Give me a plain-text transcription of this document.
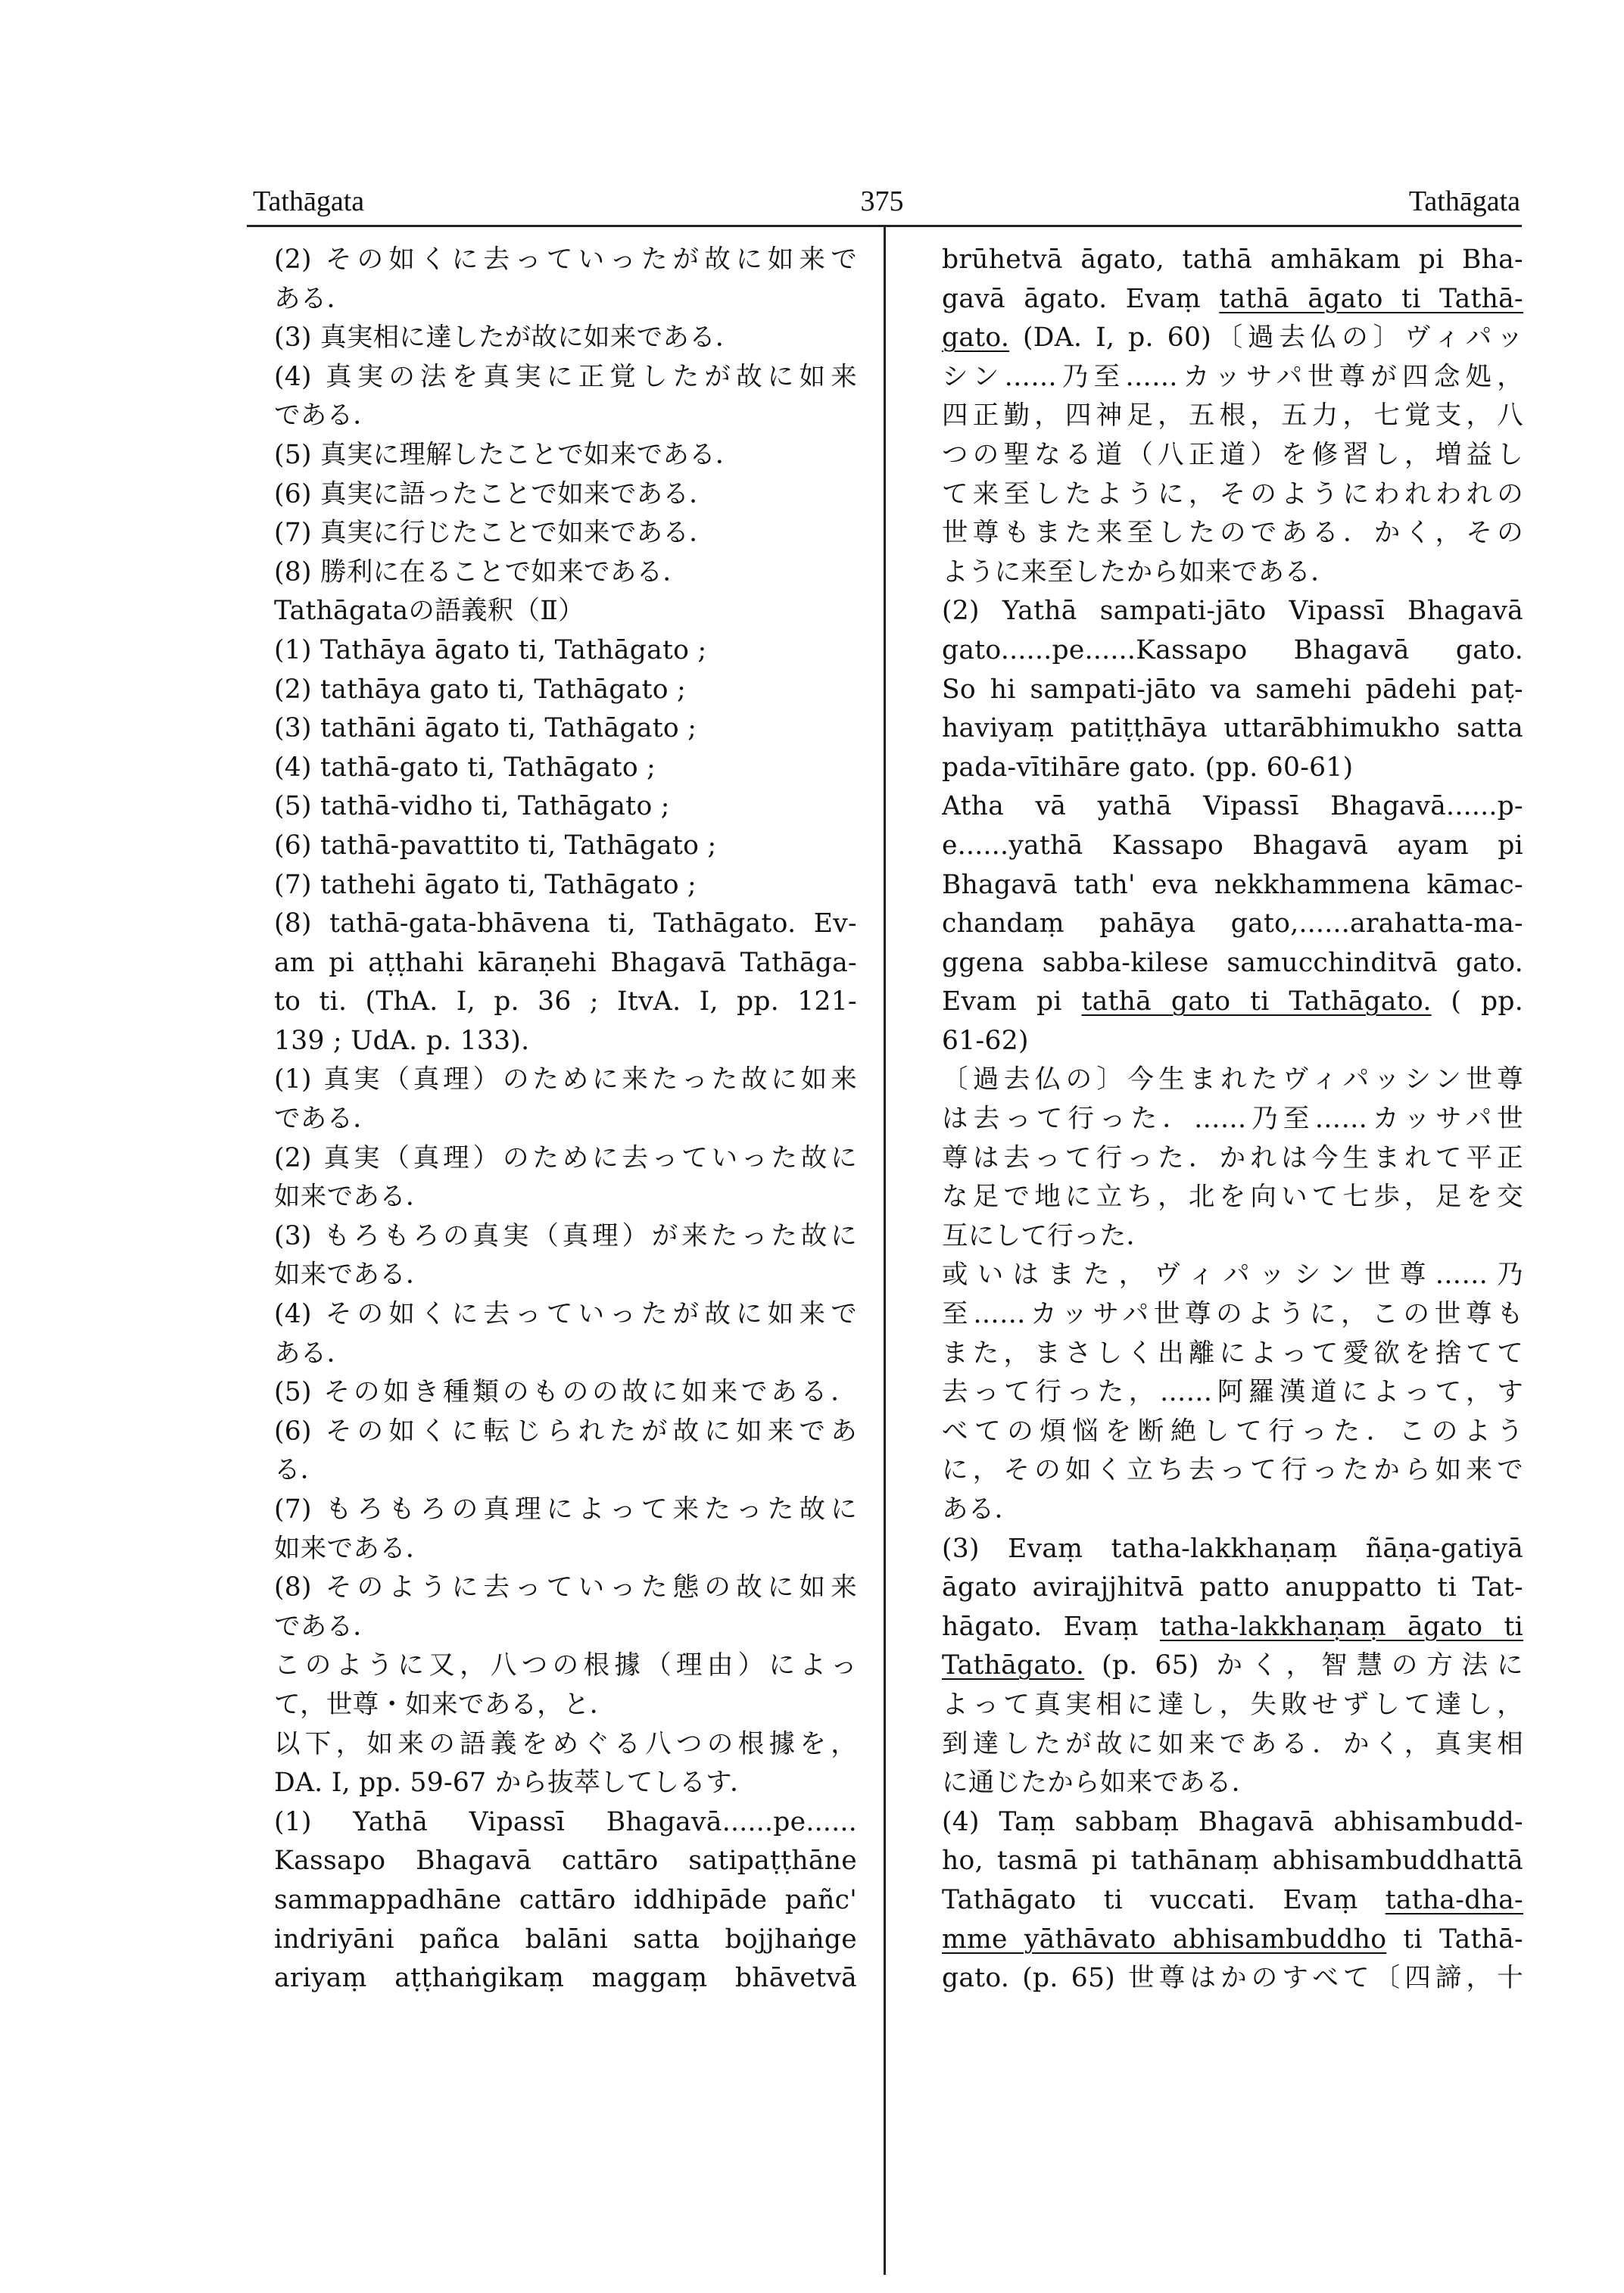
Tathāgata	375	Tathāgata
(2) その如くに去っていったが故に如来で
ある．
(3) 真実相に達したが故に如来である．
(4) 真実の法を真実に正覚したが故に如来
である．
(5) 真実に理解したことで如来である．
(6) 真実に語ったことで如来である．
(7) 真実に行じたことで如来である．
(8) 勝利に在ることで如来である．
Tathāgataの語義釈（Ⅱ）
(1) Tathāya āgato ti, Tathāgato ;
(2) tathāya gato ti, Tathāgato ;
(3) tathāni āgato ti, Tathāgato ;
(4) tathā-gato ti, Tathāgato ;
(5) tathā-vidho ti, Tathāgato ;
(6) tathā-pavattito ti, Tathāgato ;
(7) tathehi āgato ti, Tathāgato ;
(8) tathā-gata-bhāvena ti, Tathāgato. Ev-
am pi aṭṭhahi kāraṇehi Bhagavā Tathāga-
to ti. (ThA. I, p. 36 ; ItvA. I, pp. 121-
139 ; UdA. p. 133).
(1) 真実（真理）のために来たった故に如来
である．
(2) 真実（真理）のために去っていった故に
如来である．
(3) もろもろの真実（真理）が来たった故に
如来である．
(4) その如くに去っていったが故に如来で
ある．
(5) その如き種類のものの故に如来である．
(6) その如くに転じられたが故に如来であ
る．
(7) もろもろの真理によって来たった故に
如来である．
(8) そのように去っていった態の故に如来
である．
このように又，八つの根據（理由）によっ
て，世尊・如来である，と．
以下，如来の語義をめぐる八つの根據を，
DA. I, pp. 59-67 から抜萃してしるす．
(1) Yathā Vipassī Bhagavā......pe......
Kassapo Bhagavā cattāro satipaṭṭhāne
sammappadhāne cattāro iddhipāde pañc'
indriyāni pañca balāni satta bojjhaṅge
ariyaṃ aṭṭhaṅgikaṃ maggaṃ bhāvetvā
brūhetvā āgato, tathā amhākam pi Bha-
gavā āgato. Evaṃ tathā āgato ti Tathā-
gato. (DA. I, p. 60)〔過去仏の〕ヴィパッ
シン……乃至……カッサパ世尊が四念処，
四正勤，四神足，五根，五力，七覚支，八
つの聖なる道（八正道）を修習し，増益し
て来至したように，そのようにわれわれの
世尊もまた来至したのである．かく，その
ように来至したから如来である．
(2) Yathā sampati-jāto Vipassī Bhagavā
gato......pe......Kassapo Bhagavā gato.
So hi sampati-jāto va samehi pādehi paṭ-
haviyaṃ patiṭṭhāya uttarābhimukho satta
pada-vītihāre gato. (pp. 60-61)
Atha vā yathā Vipassī Bhagavā......p-
e......yathā Kassapo Bhagavā ayam pi
Bhagavā tath' eva nekkhammena kāmac-
chandaṃ pahāya gato,......arahatta-ma-
ggena sabba-kilese samucchinditvā gato.
Evam pi tathā gato ti Tathāgato. ( pp.
61-62)
〔過去仏の〕今生まれたヴィパッシン世尊
は去って行った．……乃至……カッサパ世
尊は去って行った．かれは今生まれて平正
な足で地に立ち，北を向いて七歩，足を交
互にして行った．
或いはまた，ヴィパッシン世尊……乃
至……カッサパ世尊のように，この世尊も
また，まさしく出離によって愛欲を捨てて
去って行った，……阿羅漢道によって，す
べての煩悩を断絶して行った．このよう
に，その如く立ち去って行ったから如来で
ある．
(3) Evaṃ tatha-lakkhaṇaṃ ñāṇa-gatiyā
āgato avirajjhitvā patto anuppatto ti Tat-
hāgato. Evaṃ tatha-lakkhaṇaṃ āgato ti
Tathāgato. (p. 65) かく，智慧の方法に
よって真実相に達し，失敗せずして達し，
到達したが故に如来である．かく，真実相
に通じたから如来である．
(4) Taṃ sabbaṃ Bhagavā abhisambudd-
ho, tasmā pi tathānaṃ abhisambuddhattā
Tathāgato ti vuccati. Evaṃ tatha-dha-
mme yāthāvato abhisambuddho ti Tathā-
gato. (p. 65) 世尊はかのすべて〔四諦，十
